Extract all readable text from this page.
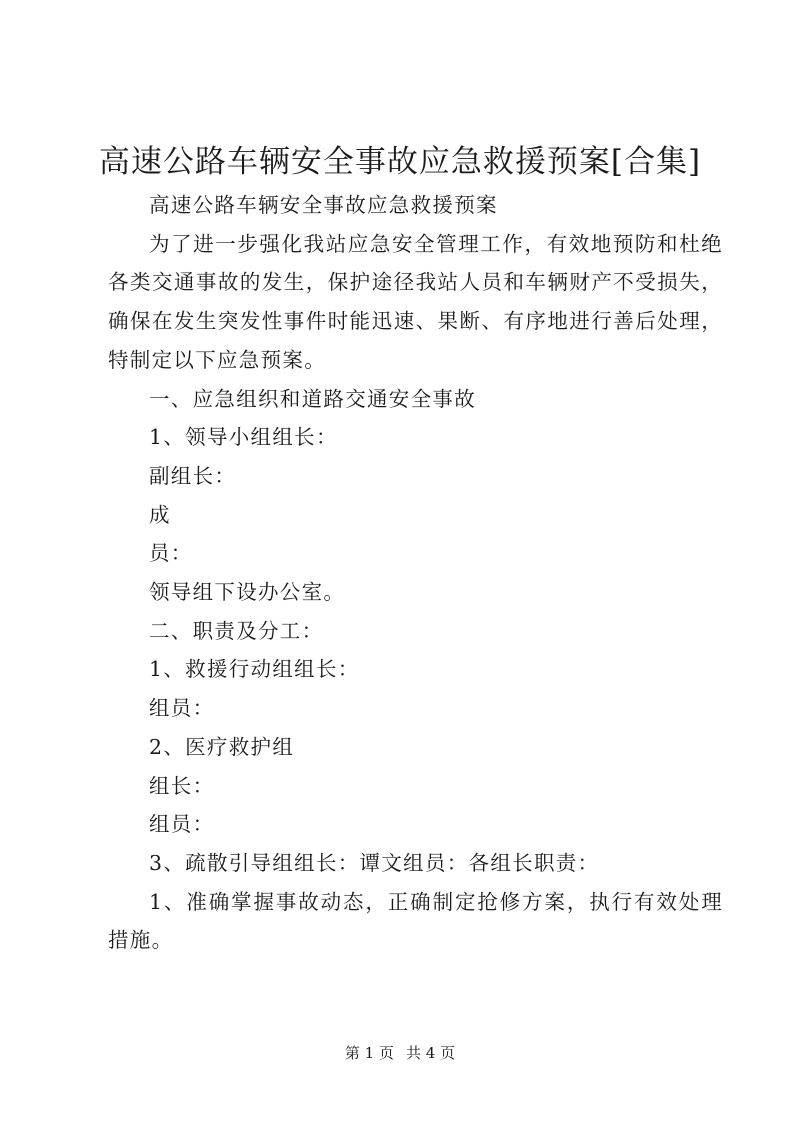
高速公路车辆安全事故应急救援预案[合集]

高速公路车辆安全事故应急救援预案

为了进一步强化我站应急安全管理工作，有效地预防和杜绝各类交通事故的发生，保护途径我站人员和车辆财产不受损失，确保在发生突发性事件时能迅速、果断、有序地进行善后处理，特制定以下应急预案。

一、应急组织和道路交通安全事故

1、领导小组组长：

副组长：

成

员：

领导组下设办公室。

二、职责及分工：

1、救援行动组组长：

组员：

2、医疗救护组

组长：

组员：

3、疏散引导组组长：谭文组员：各组长职责：

1、准确掌握事故动态，正确制定抢修方案，执行有效处理措施。

第 1 页 共 4 页
